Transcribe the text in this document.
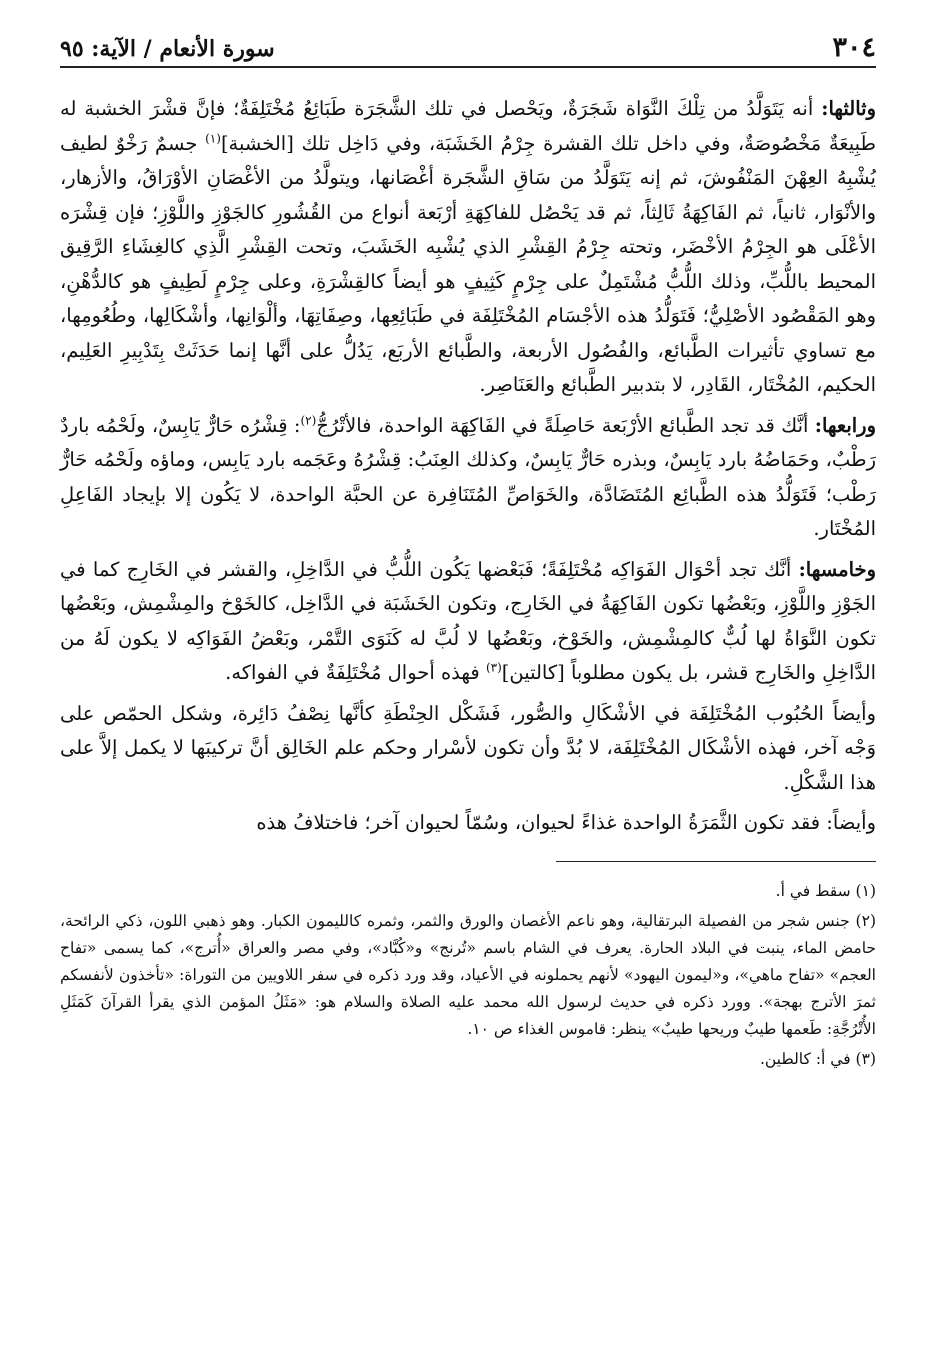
٣٠٤
سورة الأنعام / الآية: ٩٥

وثالثها: أنه يَتَوَلَّدُ من تِلْكَ النَّوَاة شَجَرَةٌ، ويَحْصل في تلك الشَّجَرَة طَبَائِعُ مُخْتَلِفَةٌ؛ فإنَّ قشْرَ الخشبة له طَبِيعَةٌ مَخْصُوصَةٌ، وفي داخل تلك القشرة جِرْمُ الخَشَبَة، وفي دَاخِل تلك [الخشبة]$^{(١)}$ جسمٌ رَخْوٌ لطيف يُشْبِهُ العِهْنَ المَنْفُوشَ، ثم إنه يَتَوَلَّدُ من سَاقِ الشَّجَرة أغْصَانها، ويتولَّدُ من الأغْصَانِ الأوْرَاقُ، والأزهار، والأنْوَار، ثانياً، ثم الفَاكِهَةُ ثَالِثاً، ثم قد يَحْصُل للفاكِهَةِ أرْبَعة أنواع من القُشُورِ كالجَوْزِ واللَّوْزِ؛ فإن قِشْرَه الأعْلَى هو الجِرْمُ الأخْضَر، وتحته جِرْمُ القِشْرِ الذي يُشْبِه الخَشَبَ، وتحت القِشْرِ الَّذِي كالغِشَاءِ الرَّقِيق المحيط باللُّبِّ، وذلك اللُّبُّ مُشْتَمِلٌ على جِرْمٍ كَثِيفٍ هو أيضاً كالقِشْرَةِ، وعلى جِرْمٍ لَطِيفٍ هو كالدُّهْنِ، وهو المَقْصُود الأصْلِيُّ؛ فَتَوَلُّدُ هذه الأجْسَام المُخْتَلِفَة في طَبَائِعِها، وصِفَاتِهَا، وألْوَانِها، وأشْكَالِها، وطُعُومِها، مع تساوي تأثيرات الطَّبائع، والفُصُول الأربعة، والطَّبائع الأربَع، يَدُلُّ على أنَّها إنما حَدَثَتْ بِتَدْبِيرِ العَلِيم، الحكيم، المُخْتَار، القَادِر، لا بتدبير الطَّبائع والعَنَاصِر.

ورابعها: أنَّك قد تجد الطَّبائع الأرْبَعة حَاصِلَةً في الفَاكِهَة الواحدة، فالأتْرُجُّ$^{(٢)}$: قِشْرُه حَارٌّ يَابِسٌ، ولَحْمُه باردٌ رَطْبٌ، وحَمَاضُهُ بارد يَابِسٌ، وبذره حَارٌّ يَابِسٌ، وكذلك العِنَبُ: قِشْرُهُ وعَجَمه بارد يَابِس، وماؤه ولَحْمُه حَارٌّ رَطْب؛ فَتَوَلُّدُ هذه الطَّبائِع المُتَضَادَّة، والخَوَاصِّ المُتَنَافِرة عن الحبَّة الواحدة، لا يَكُون إلا بإيجاد الفَاعِلِ المُخْتَار.

وخامسها: أنَّك تجد أحْوَال الفَوَاكِه مُخْتَلِفَةً؛ فَبَعْضها يَكُون اللُّبُّ في الدَّاخِلِ، والقشر في الخَارِج كما في الجَوْزِ واللَّوْزِ، وبَعْضُها تكون الفَاكِهَةُ في الخَارِج، وتكون الخَشَبَة في الدَّاخِل، كالخَوْخ والمِشْمِش، وبَعْضُها تكون النَّوَاةُ لها لُبٌّ كالمِشْمِش، والخَوْخ، وبَعْضُها لا لُبَّ له كَنَوَى التَّمْر، وبَعْضُ الفَوَاكِه لا يكون لَهُ من الدَّاخِلِ والخَارِج قشر، بل يكون مطلوباً [كالتين]$^{(٣)}$ فهذه أحوال مُخْتَلِفَةٌ في الفواكه.

وأيضاً الحُبُوب المُخْتَلِفَة في الأشْكَالِ والصُّور، فَشَكْل الحِنْطَةِ كأنَّها نِصْفُ دَائِرة، وشكل الحمّص على وَجْه آخر، فهذه الأشْكَال المُخْتَلِفَة، لا بُدَّ وأن تكون لأسْرار وحكم علم الخَالِق أنَّ تركيبَها لا يكمل إلاَّ على هذا الشَّكْلِ.

وأيضاً: فقد تكون الثَّمَرَةُ الواحدة غذاءً لحيوان، وسُمّاً لحيوان آخر؛ فاختلافُ هذه

(١) سقط في أ.

(٢) جنس شجر من الفصيلة البرتقالية، وهو ناعم الأغصان والورق والثمر، وثمره كالليمون الكبار. وهو ذهبي اللون، ذكي الرائحة، حامض الماء، ينبت في البلاد الحارة. يعرف في الشام باسم «تُرنج» و«كُبَّاد»، وفي مصر والعراق «أُترج»، كما يسمى «تفاح العجم» «تفاح ماهي»، و«ليمون اليهود» لأنهم يحملونه في الأعياد، وقد ورد ذكره في سفر اللاويين من التوراة: «تأخذون لأنفسكم ثمرَ الأترج بهجة». وورد ذكره في حديث لرسول الله محمد عليه الصلاة والسلام هو: «مَثَلُ المؤمن الذي يقرأ القرآنَ كَمَثَلِ الأُتْرُجَّةِ: طَعمها طيبٌ وريحها طيبٌ» ينظر: قاموس الغذاء ص ١٠.

(٣) في أ: كالطين.
